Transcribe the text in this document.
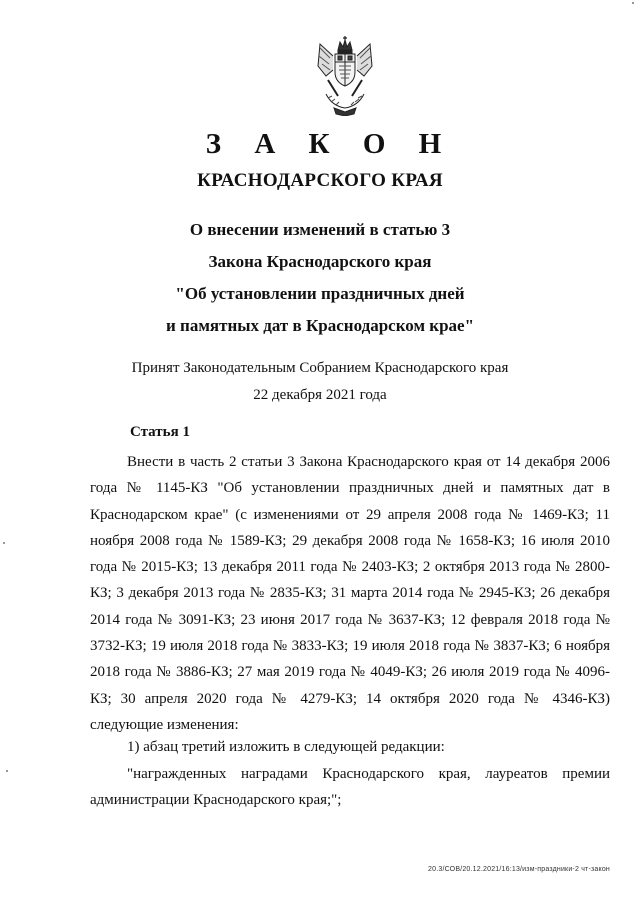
З А К О Н
КРАСНОДАРСКОГО КРАЯ
О внесении изменений в статью 3
Закона Краснодарского края
"Об установлении праздничных дней
и памятных дат в Краснодарском крае"
Принят Законодательным Собранием Краснодарского края
22 декабря 2021 года
Статья 1

Внести в часть 2 статьи 3 Закона Краснодарского края от 14 декабря 2006 года № 1145-КЗ "Об установлении праздничных дней и памятных дат в Краснодарском крае" (с изменениями от 29 апреля 2008 года № 1469-КЗ; 11 ноября 2008 года № 1589-КЗ; 29 декабря 2008 года № 1658-КЗ; 16 июля 2010 года № 2015-КЗ; 13 декабря 2011 года № 2403-КЗ; 2 октября 2013 года № 2800-КЗ; 3 декабря 2013 года № 2835-КЗ; 31 марта 2014 года № 2945-КЗ; 26 декабря 2014 года № 3091-КЗ; 23 июня 2017 года № 3637-КЗ; 12 февраля 2018 года № 3732-КЗ; 19 июля 2018 года № 3833-КЗ; 19 июля 2018 года № 3837-КЗ; 6 ноября 2018 года № 3886-КЗ; 27 мая 2019 года № 4049-КЗ; 26 июля 2019 года № 4096-КЗ; 30 апреля 2020 года № 4279-КЗ; 14 октября 2020 года № 4346-КЗ) следующие изменения:

1) абзац третий изложить в следующей редакции:

"награжденных наградами Краснодарского края, лауреатов премии администрации Краснодарского края;";

20.3/СОВ/20.12.2021/16:13/изм-праздники-2 чт-закон
